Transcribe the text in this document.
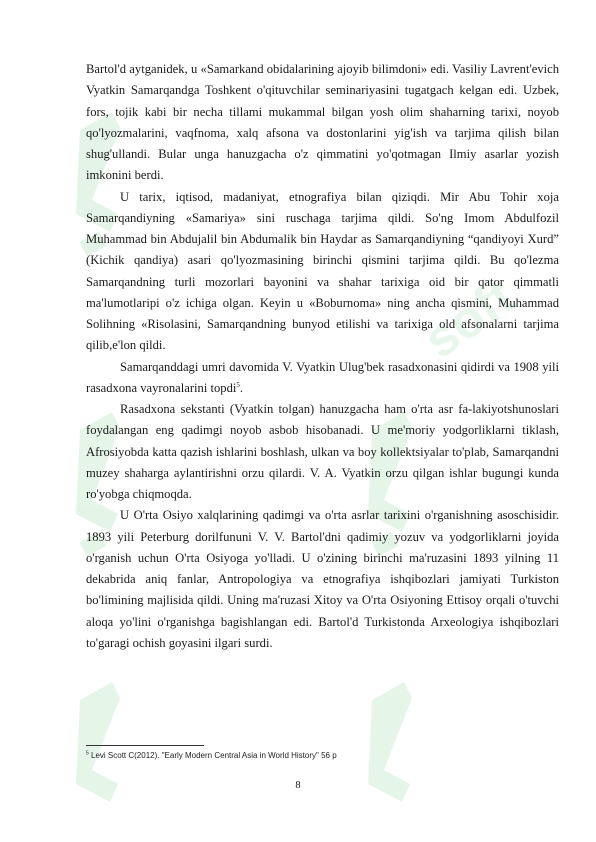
soft

Bartol'd aytganidek, u «Samarkand obidalarining ajoyib bilimdoni» edi. Vasiliy Lavrent'evich Vyatkin Samarqandga Toshkent o'qituvchilar seminariyasini tugatgach kelgan edi. Uzbek, fors, tojik kabi bir necha tillami mukammal bilgan yosh olim shaharning tarixi, noyob qo'lyozmalarini, vaqfnoma, xalq afsona va dostonlarini yig'ish va tarjima qilish bilan shug'ullandi. Bular unga hanuzgacha o'z qimmatini yo'qotmagan Ilmiy asarlar yozish imkonini berdi.

U tarix, iqtisod, madaniyat, etnografiya bilan qiziqdi. Mir Abu Tohir xoja Samarqandiyning «Samariya» sini ruschaga tarjima qildi. So'ng Imom Abdulfozil Muhammad bin Abdujalil bin Abdumalik bin Haydar as Samarqandiyning “qandiyoyi Xurd” (Kichik qandiya) asari qo'lyozmasining birinchi qismini tarjima qildi. Bu qo'lezma Samarqandning turli mozorlari bayonini va shahar tarixiga oid bir qator qimmatli ma'lumotlaripi o'z ichiga olgan. Keyin u «Boburnoma» ning ancha qismini, Muhammad Solihning «Risolasini, Samarqandning bunyod etilishi va tarixiga old afsonalarni tarjima qilib,e'lon qildi.

Samarqanddagi umri davomida V. Vyatkin Ulug'bek rasadxonasini qidirdi va 1908 yili rasadxona vayronalarini topdi$^5$.

Rasadxona sekstanti (Vyatkin tolgan) hanuzgacha ham o'rta asr fa-lakiyotshunoslari foydalangan eng qadimgi noyob asbob hisobanadi. U me'moriy yodgorliklarni tiklash, Afrosiyobda katta qazish ishlarini boshlash, ulkan va boy kollektsiyalar to'plab, Samarqandni muzey shaharga aylantirishni orzu qilardi. V. A. Vyatkin orzu qilgan ishlar bugungi kunda ro'yobga chiqmoqda.

U O'rta Osiyo xalqlarining qadimgi va o'rta asrlar tarixini o'rganishning asoschisidir. 1893 yili Peterburg dorilfununi V. V. Bartol'dni qadimiy yozuv va yodgorliklarni joyida o'rganish uchun O'rta Osiyoga yo'lladi. U o'zining birinchi ma'ruzasini 1893 yilning 11 dekabrida aniq fanlar, Antropologiya va etnografiya ishqibozlari jamiyati Turkiston bo'limining majlisida qildi. Uning ma'ruzasi Xitoy va O'rta Osiyoning Ettisoy orqali o'tuvchi aloqa yo'lini o'rganishga bagishlangan edi. Bartol'd Turkistonda Arxeologiya ishqibozlari to'garagi ochish goyasini ilgari surdi.

$^5$ Levi Scott C(2012). "Early Modern Central Asia in World History" 56 p
8
